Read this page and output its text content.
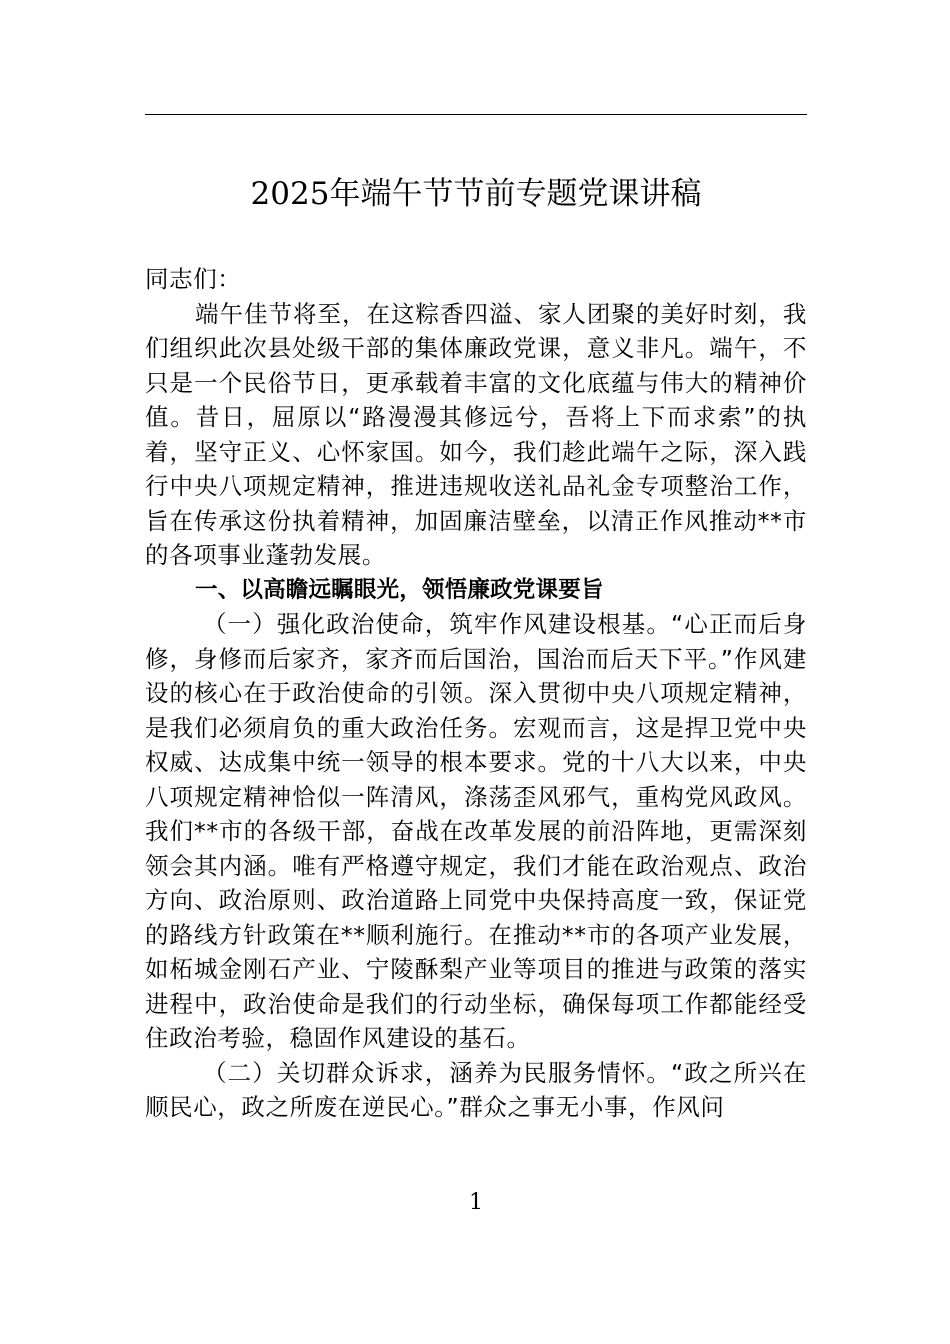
2025年端午节节前专题党课讲稿

同志们：

端午佳节将至，在这粽香四溢、家人团聚的美好时刻，我们组织此次县处级干部的集体廉政党课，意义非凡。端午，不只是一个民俗节日，更承载着丰富的文化底蕴与伟大的精神价值。昔日，屈原以“路漫漫其修远兮，吾将上下而求索”的执着，坚守正义、心怀家国。如今，我们趁此端午之际，深入践行中央八项规定精神，推进违规收送礼品礼金专项整治工作，旨在传承这份执着精神，加固廉洁壁垒，以清正作风推动**市的各项事业蓬勃发展。

一、以高瞻远瞩眼光，领悟廉政党课要旨

（一）强化政治使命，筑牢作风建设根基。“心正而后身修，身修而后家齐，家齐而后国治，国治而后天下平。”作风建设的核心在于政治使命的引领。深入贯彻中央八项规定精神，是我们必须肩负的重大政治任务。宏观而言，这是捍卫党中央权威、达成集中统一领导的根本要求。党的十八大以来，中央八项规定精神恰似一阵清风，涤荡歪风邪气，重构党风政风。我们**市的各级干部，奋战在改革发展的前沿阵地，更需深刻领会其内涵。唯有严格遵守规定，我们才能在政治观点、政治方向、政治原则、政治道路上同党中央保持高度一致，保证党的路线方针政策在**顺利施行。在推动**市的各项产业发展，如柘城金刚石产业、宁陵酥梨产业等项目的推进与政策的落实进程中，政治使命是我们的行动坐标，确保每项工作都能经受住政治考验，稳固作风建设的基石。

（二）关切群众诉求，涵养为民服务情怀。“政之所兴在顺民心，政之所废在逆民心。”群众之事无小事，作风问

1
